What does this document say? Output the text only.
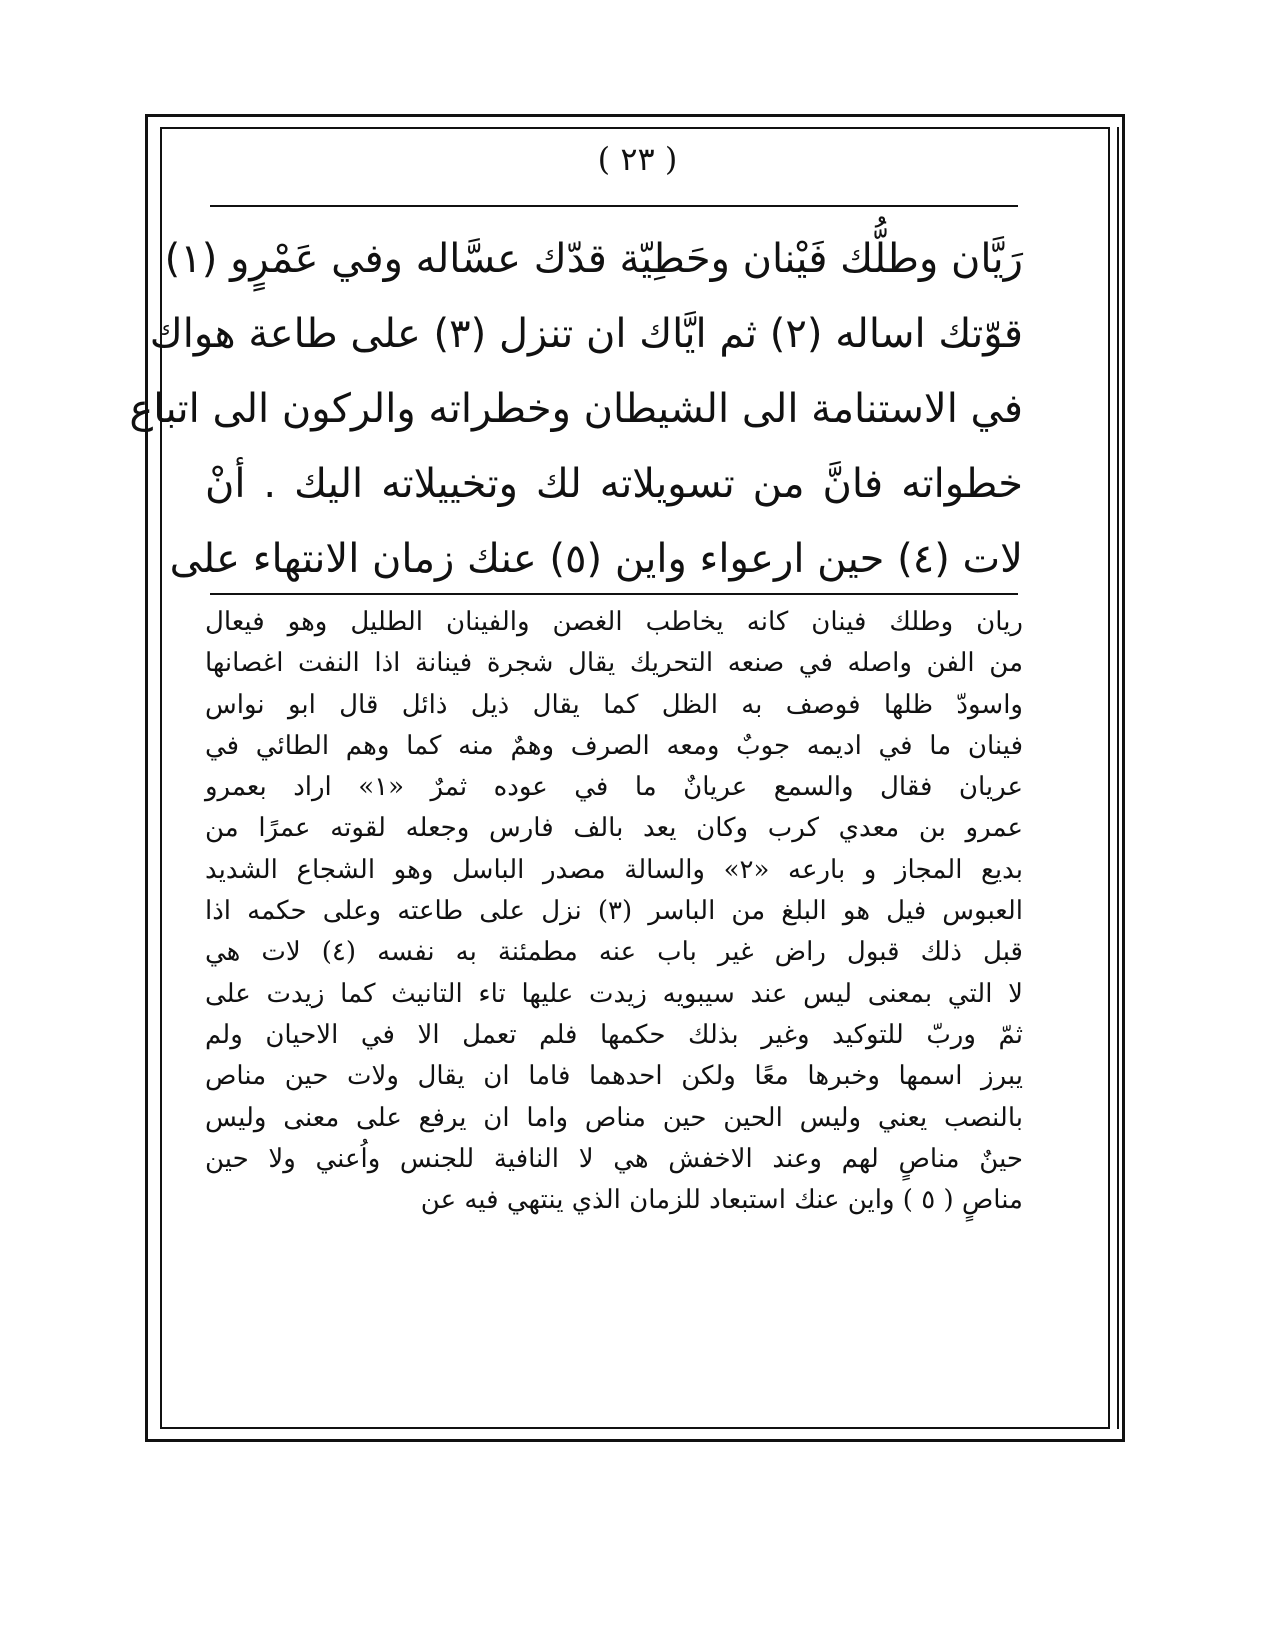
( ٢٣ )
رَيَّان وطلُّك فَيْنان وحَطِيّة قدّك عسَّاله وفي عَمْرٍو (١)
قوّتك اساله (٢) ثم ايَّاك ان تنزل (٣) على طاعة هواك
في الاستنامة الى الشيطان وخطراته والركون الى اتباع
خطواته فانَّ من تسويلاته لك وتخييلاته اليك . أنْ
لات (٤) حين ارعواء واين (٥) عنك زمان الانتهاء على
ريان وطلك فينان كانه يخاطب الغصن والفينان الطليل وهو فيعال
من الفن واصله في صنعه التحريك يقال شجرة فينانة اذا النفت اغصانها
واسودّ ظلها فوصف به الظل كما يقال ذيل ذائل قال ابو نواس
فينان ما في اديمه جوبٌ ومعه الصرف وهمٌ منه كما وهم الطائي في
عريان فقال والسمع عريانٌ ما في عوده ثمرٌ «١» اراد بعمرو
عمرو بن معدي كرب وكان يعد بالف فارس وجعله لقوته عمرًا من
بدیع المجاز و بارعه «٢» والسالة مصدر الباسل وهو الشجاع الشديد
العبوس فيل هو البلغ من الباسر (٣) نزل على طاعته وعلى حكمه اذا
قبل ذلك قبول راض غير باب عنه مطمئنة به نفسه (٤) لات هي
لا التي بمعنى ليس عند سيبويه زيدت عليها تاء التانيث كما زيدت على
ثمّ وربّ للتوكيد وغير بذلك حكمها فلم تعمل الا في الاحيان ولم
يبرز اسمها وخبرها معًا ولكن احدهما فاما ان يقال ولات حين مناص
بالنصب يعني وليس الحين حين مناص واما ان يرفع على معنى وليس
حينٌ مناصٍ لهم وعند الاخفش هي لا النافية للجنس واُعني ولا حين
مناصٍ ( ٥ ) واين عنك استبعاد للزمان الذي ينتهي فيه عن
